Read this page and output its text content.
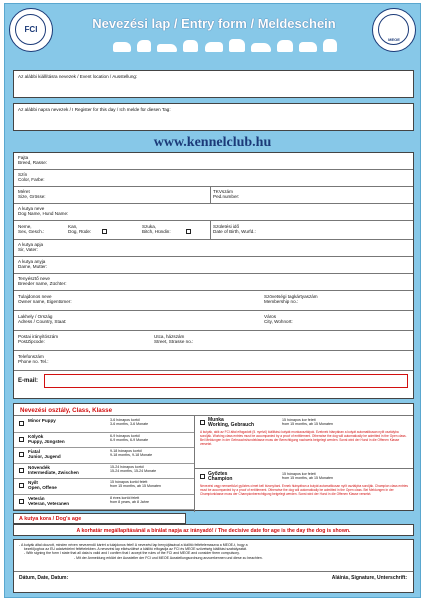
FCI
MEOE
Nevezési lap / Entry form / Meldeschein
Az alábbi kiállításra nevezek / Event location / Ausstellung:
Az alábbi napra nevezek / I Register for this day / Ich melde für diesen Tag:
www.kennelclub.hu
Fajta
Breed, Rasse:
Szín
Color, Farbe:
Méret
Size, Grösse:
TKVszám
Ped.number:
A kutya neve
Dog Name, Hund Name:
Neme,
Sex, Gesch.:
Kan,
Dog, Rüde:
Szuka,
Bitch, Hündin:
Születési idő
Date of Birth, Wurfd.:
A kutya apja
Sir, Vater:
A kutya anyja
Dame, Mutter:
Tenyésztő neve
Breeder name, Züchter:
Tulajdonos neve
Owner name, Eigentümer:
Szövetségi tagkártyaszám
Membership no.:
Lakhely / Ország
Adress / Country, Staat:
Város
City, Wohnort:
Postai irányítószám
PostZipcode:
Utca, házszám
Street, Strasse no.:
Telefonszám
Phone no. Tel.:
E-mail:
Nevezési osztály, Class, Klasse
Minor Puppy	3-6 hónapos kortól
3-6 months, 3-6 Monate
Kölyök
Puppy, Jüngsten
6-9 hónapos kortól
6-9 months, 6-9 Monate
Fiatal
Junior, Jugend
9-18 hónapos kortól
9-18 months, 9-18 Monate
Növendék
Intermediate, Zwischen
15-24 hónapos kortól
15-24 months, 15-24 Monate
Nyílt
Open, Offene
15 hónapos kortól felett
from 15 months, ab 15 Monaten
Veterán
Veteran, Veteranen
8 éves kortól felett
from 8 years, ab 8 Jahre
Munka
Working, Gebrauch
15 hónapos kor felett
from 15 months, ab 15 Monaten
A kutyák, akik az FCI által elfogadott (5. nyelvű) kiállítású kutyák munkaosztályok. Ezeknek hiányában a kutyát automatikusan nyílt osztályba sorolják. Working class entries must be accompanied by a proof of entitlement. Otherwise the dog will automatically be admitted in the Open class. Bei Meldungen in der Gebrauchshundeklasse muss der Berechtigung nachweis beigelegt werden. Sonst wird der Hund in die Offenen Klasse versetzt.
Győztes
Champion
15 hónapos kor felett
from 15 months, ab 15 Monaten
Nevezési vagy nemzetközi győztes címet kell bizonyítani. Ennek hiányában a kutyát automatikusan nyílt osztályba sorolják. Champion class entries must be accompanied by a proof of entitlement. Otherwise the dog will automatically be admitted in the Open class. Bei Meldungen in der Championklasse muss der Championberechtigung beigelegt werden. Sonst wird der Hund in die Offenen Klasse versetzt.
A kutya kora / Dog's age
A korhatár megállapításánál a bírálat napja az irányadó! / The decisive date for age is the day the dog is shown.
- A kutyák által okozott, minden néven nevezendő kárért a tulajdonos felel! A nevezési lap benyújtásával a kiállító feltételemaszva a MEOE-t, hogy a
kezelőjoghoz az EU adatvédelmi feltételekben. A nevezési lap elkészülésé a kiállító elfogadja az FCI és MEOE szövetség kiállítási szabályzatát.
- With signing the form I state that all data is valid and I confirm that I accept the rules of the FCI and MEOE and consider them compulsory.
- Mit der Anmeldung erklärt der Aussteller der FCI und MEOE Ausstellungsordnung anzuerkennen und diese zu beachten.
Dátum, Date, Datum:	Aláírás, Signature, Unterschrift:
